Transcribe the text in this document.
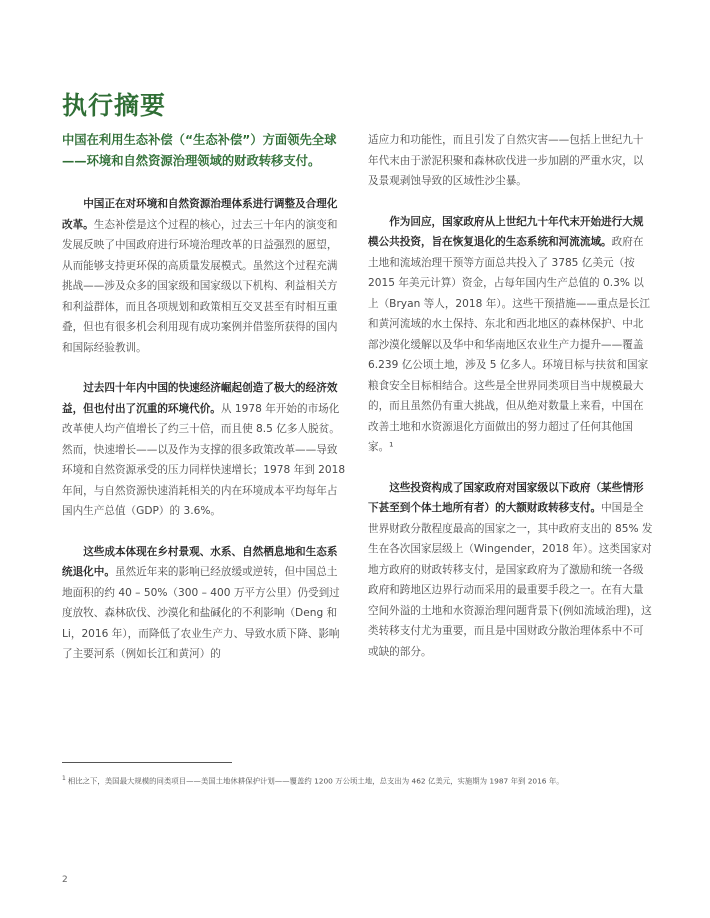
执行摘要

中国在利用生态补偿（“生态补偿”）方面领先全球——环境和自然资源治理领域的财政转移支付。

中国正在对环境和自然资源治理体系进行调整及合理化改革。生态补偿是这个过程的核心，过去三十年内的演变和发展反映了中国政府进行环境治理改革的日益强烈的愿望，从而能够支持更环保的高质量发展模式。虽然这个过程充满挑战——涉及众多的国家级和国家级以下机构、利益相关方和利益群体，而且各项规划和政策相互交叉甚至有时相互重叠，但也有很多机会利用现有成功案例并借鉴所获得的国内和国际经验教训。

过去四十年内中国的快速经济崛起创造了极大的经济效益，但也付出了沉重的环境代价。从 1978 年开始的市场化改革使人均产值增长了约三十倍，而且使 8.5 亿多人脱贫。然而，快速增长——以及作为支撑的很多政策改革——导致环境和自然资源承受的压力同样快速增长；1978 年到 2018 年间，与自然资源快速消耗相关的内在环境成本平均每年占国内生产总值（GDP）的 3.6%。

这些成本体现在乡村景观、水系、自然栖息地和生态系统退化中。虽然近年来的影响已经放缓或逆转，但中国总土地面积的约 40 – 50%（300 – 400 万平方公里）仍受到过度放牧、森林砍伐、沙漠化和盐碱化的不利影响（Deng 和 Li，2016 年），而降低了农业生产力、导致水质下降、影响了主要河系（例如长江和黄河）的

适应力和功能性，而且引发了自然灾害——包括上世纪九十年代末由于淤泥积聚和森林砍伐进一步加剧的严重水灾，以及景观剥蚀导致的区域性沙尘暴。

作为回应，国家政府从上世纪九十年代末开始进行大规模公共投资，旨在恢复退化的生态系统和河流流域。政府在土地和流域治理干预等方面总共投入了 3785 亿美元（按 2015 年美元计算）资金，占每年国内生产总值的 0.3% 以上（Bryan 等人，2018 年）。这些干预措施——重点是长江和黄河流域的水土保持、东北和西北地区的森林保护、中北部沙漠化缓解以及华中和华南地区农业生产力提升——覆盖 6.239 亿公顷土地，涉及 5 亿多人。环境目标与扶贫和国家粮食安全目标相结合。这些是全世界同类项目当中规模最大的，而且虽然仍有重大挑战，但从绝对数量上来看，中国在改善土地和水资源退化方面做出的努力超过了任何其他国家。¹

这些投资构成了国家政府对国家级以下政府（某些情形下甚至到个体土地所有者）的大额财政转移支付。中国是全世界财政分散程度最高的国家之一，其中政府支出的 85% 发生在各次国家层级上（Wingender，2018 年）。这类国家对地方政府的财政转移支付，是国家政府为了激励和统一各级政府和跨地区边界行动而采用的最重要手段之一。在有大量空间外溢的土地和水资源治理问题背景下(例如流域治理)，这类转移支付尤为重要，而且是中国财政分散治理体系中不可或缺的部分。

$^1$ 相比之下，美国最大规模的同类项目——美国土地休耕保护计划——覆盖约 1200 万公顷土地，总支出为 462 亿美元，实施期为 1987 年到 2016 年。

2
